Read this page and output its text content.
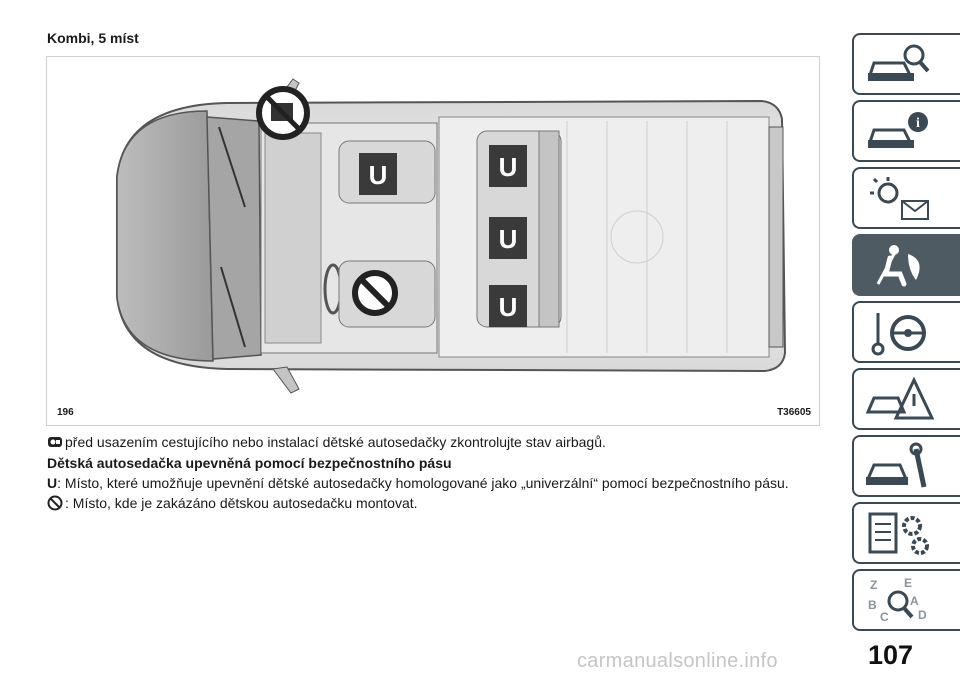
Kombi, 5 míst
U	U
U
U
196	T36605
před usazením cestujícího nebo instalací dětské autosedačky zkontrolujte stav airbagů.
Dětská autosedačka upevněná pomocí bezpečnostního pásu
U: Místo, které umožňuje upevnění dětské autosedačky homologované jako „univerzální“ pomocí bezpečnostního pásu.
: Místo, kde je zakázáno dětskou autosedačku montovat.
i
Z E
B	A
C D
107
carmanualsonline.info
